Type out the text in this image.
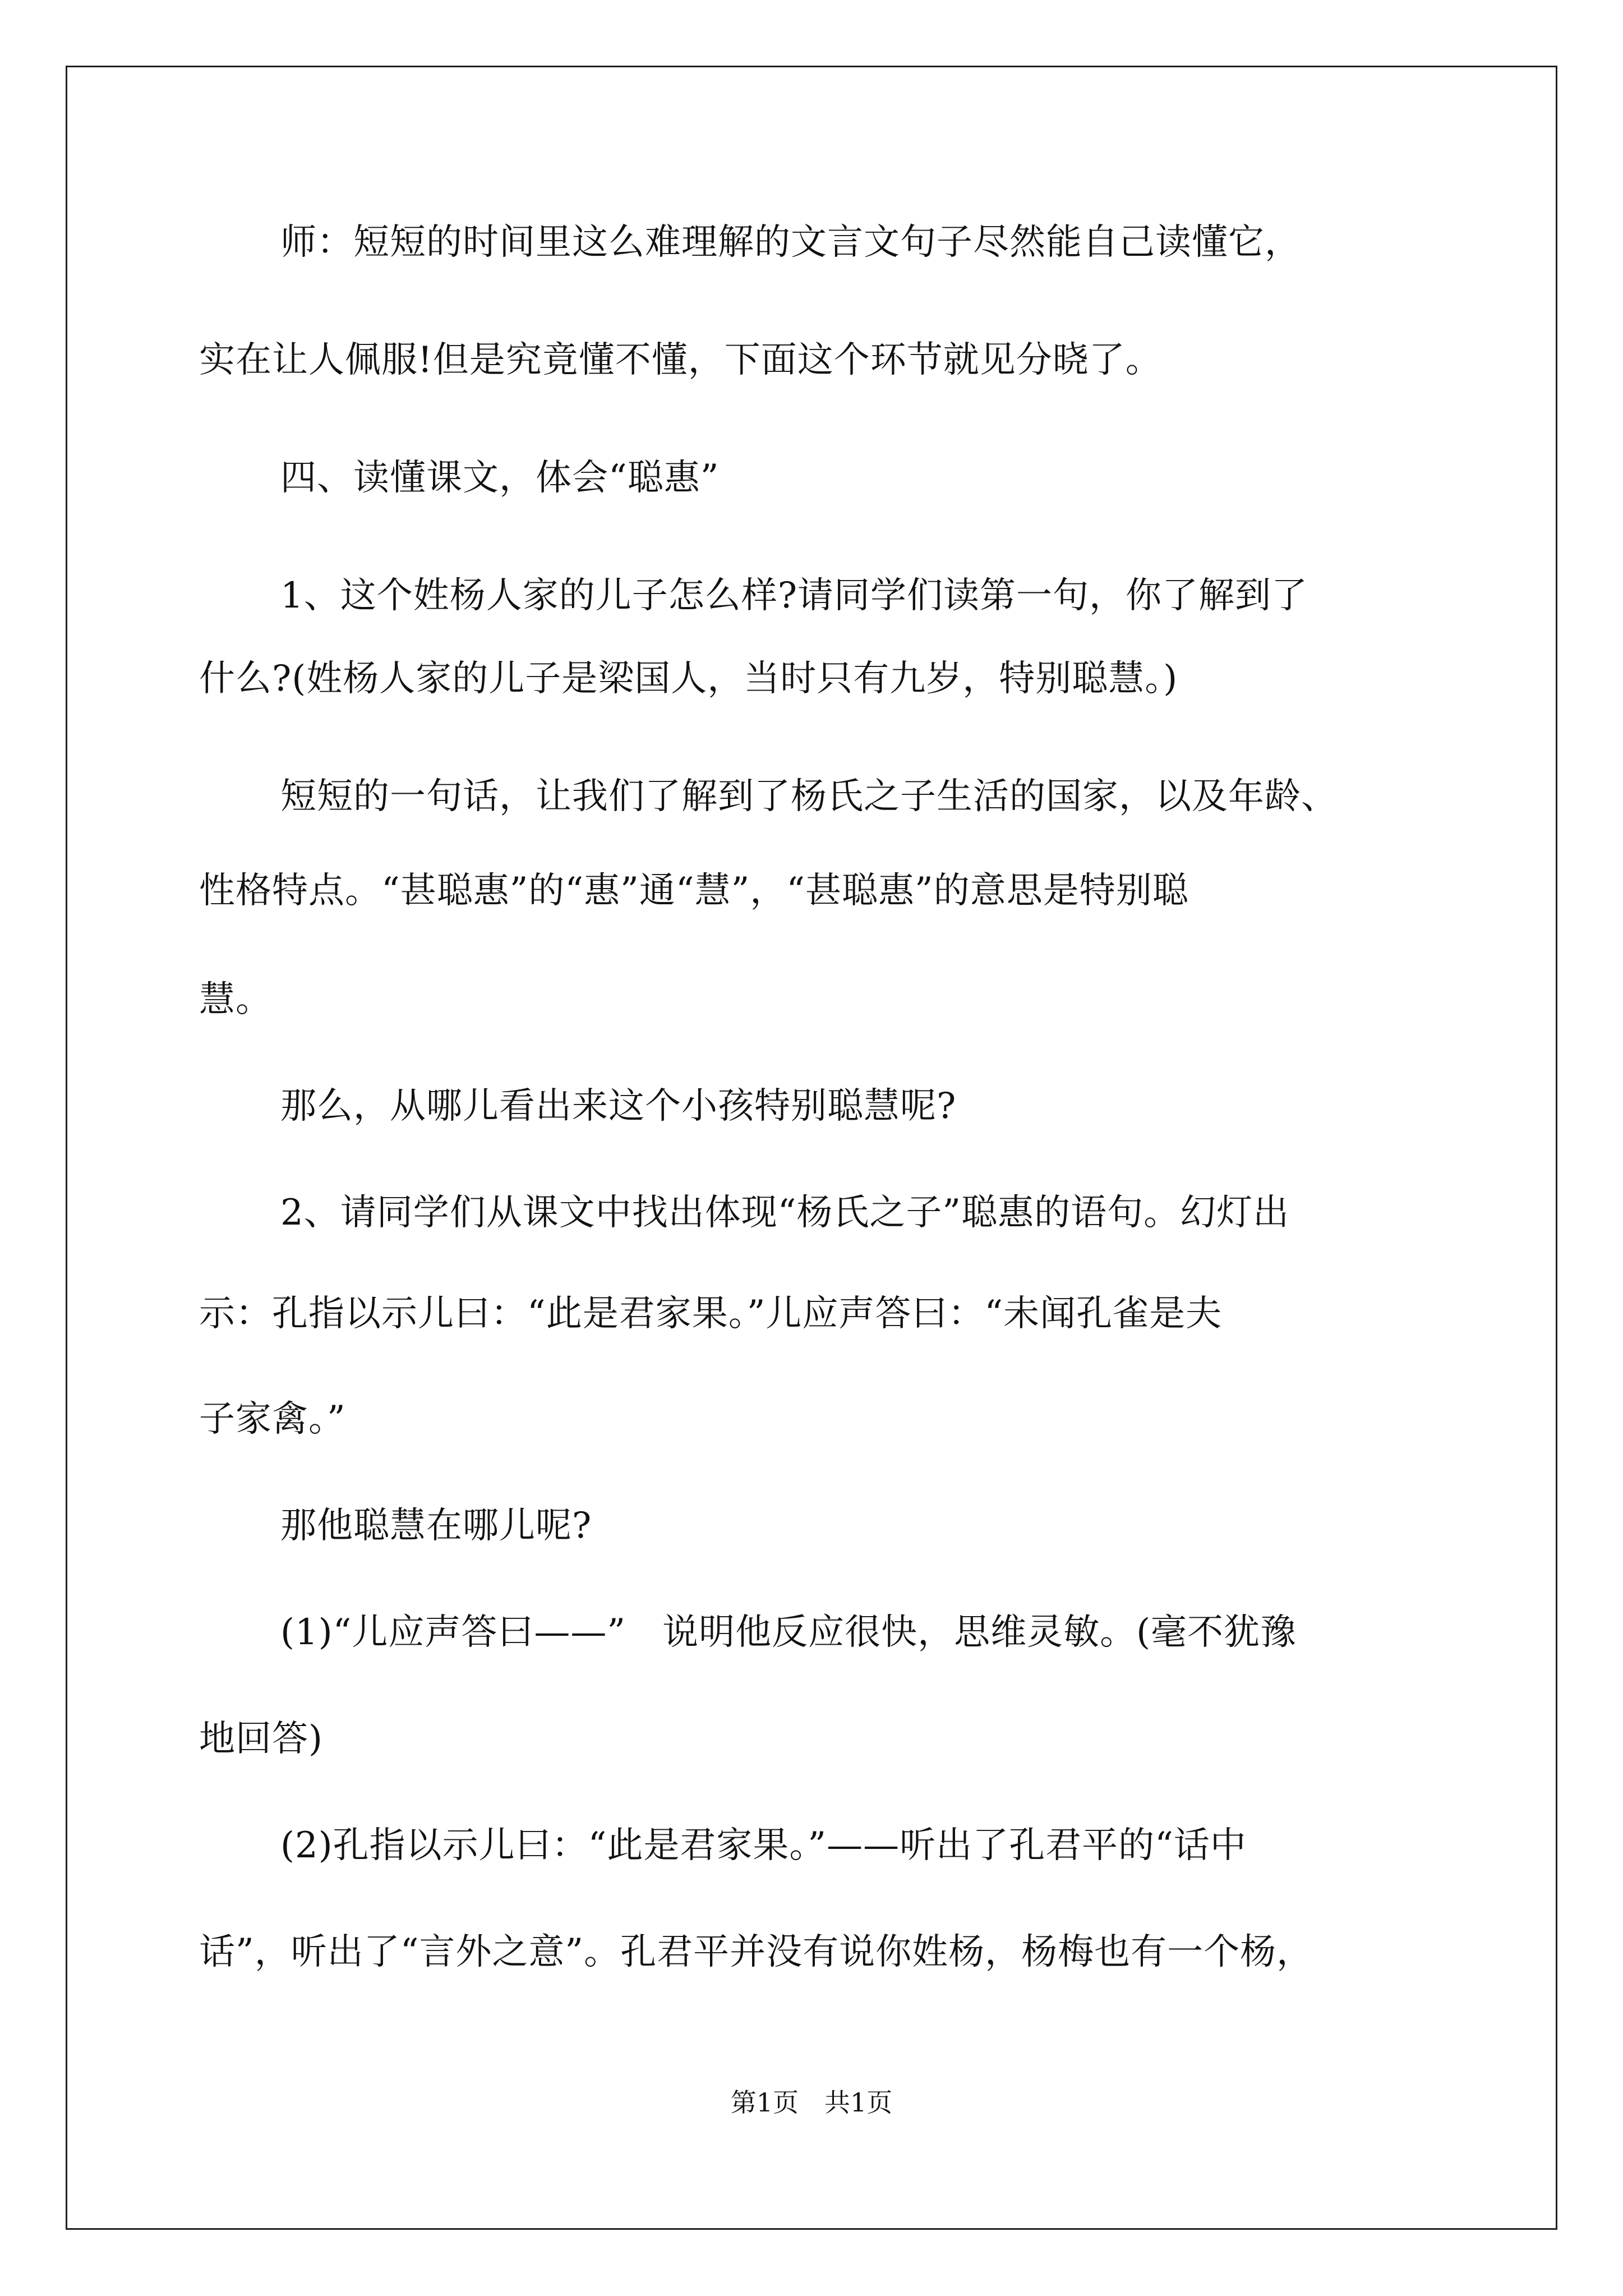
师：短短的时间里这么难理解的文言文句子尽然能自己读懂它，
实在让人佩服!但是究竟懂不懂，下面这个环节就见分晓了。
四、读懂课文，体会“聪惠”
1、这个姓杨人家的儿子怎么样?请同学们读第一句，你了解到了
什么?(姓杨人家的儿子是梁国人，当时只有九岁，特别聪慧。)
短短的一句话，让我们了解到了杨氏之子生活的国家，以及年龄、
性格特点。“甚聪惠”的“惠”通“慧”，“甚聪惠”的意思是特别聪
慧。
那么，从哪儿看出来这个小孩特别聪慧呢?
2、请同学们从课文中找出体现“杨氏之子”聪惠的语句。幻灯出
示：孔指以示儿曰：“此是君家果。”儿应声答曰：“未闻孔雀是夫
子家禽。”
那他聪慧在哪儿呢?
(1)“儿应声答曰——”　说明他反应很快，思维灵敏。(毫不犹豫
地回答)
(2)孔指以示儿曰：“此是君家果。”——听出了孔君平的“话中
话”，听出了“言外之意”。孔君平并没有说你姓杨，杨梅也有一个杨，
第1页　共1页
